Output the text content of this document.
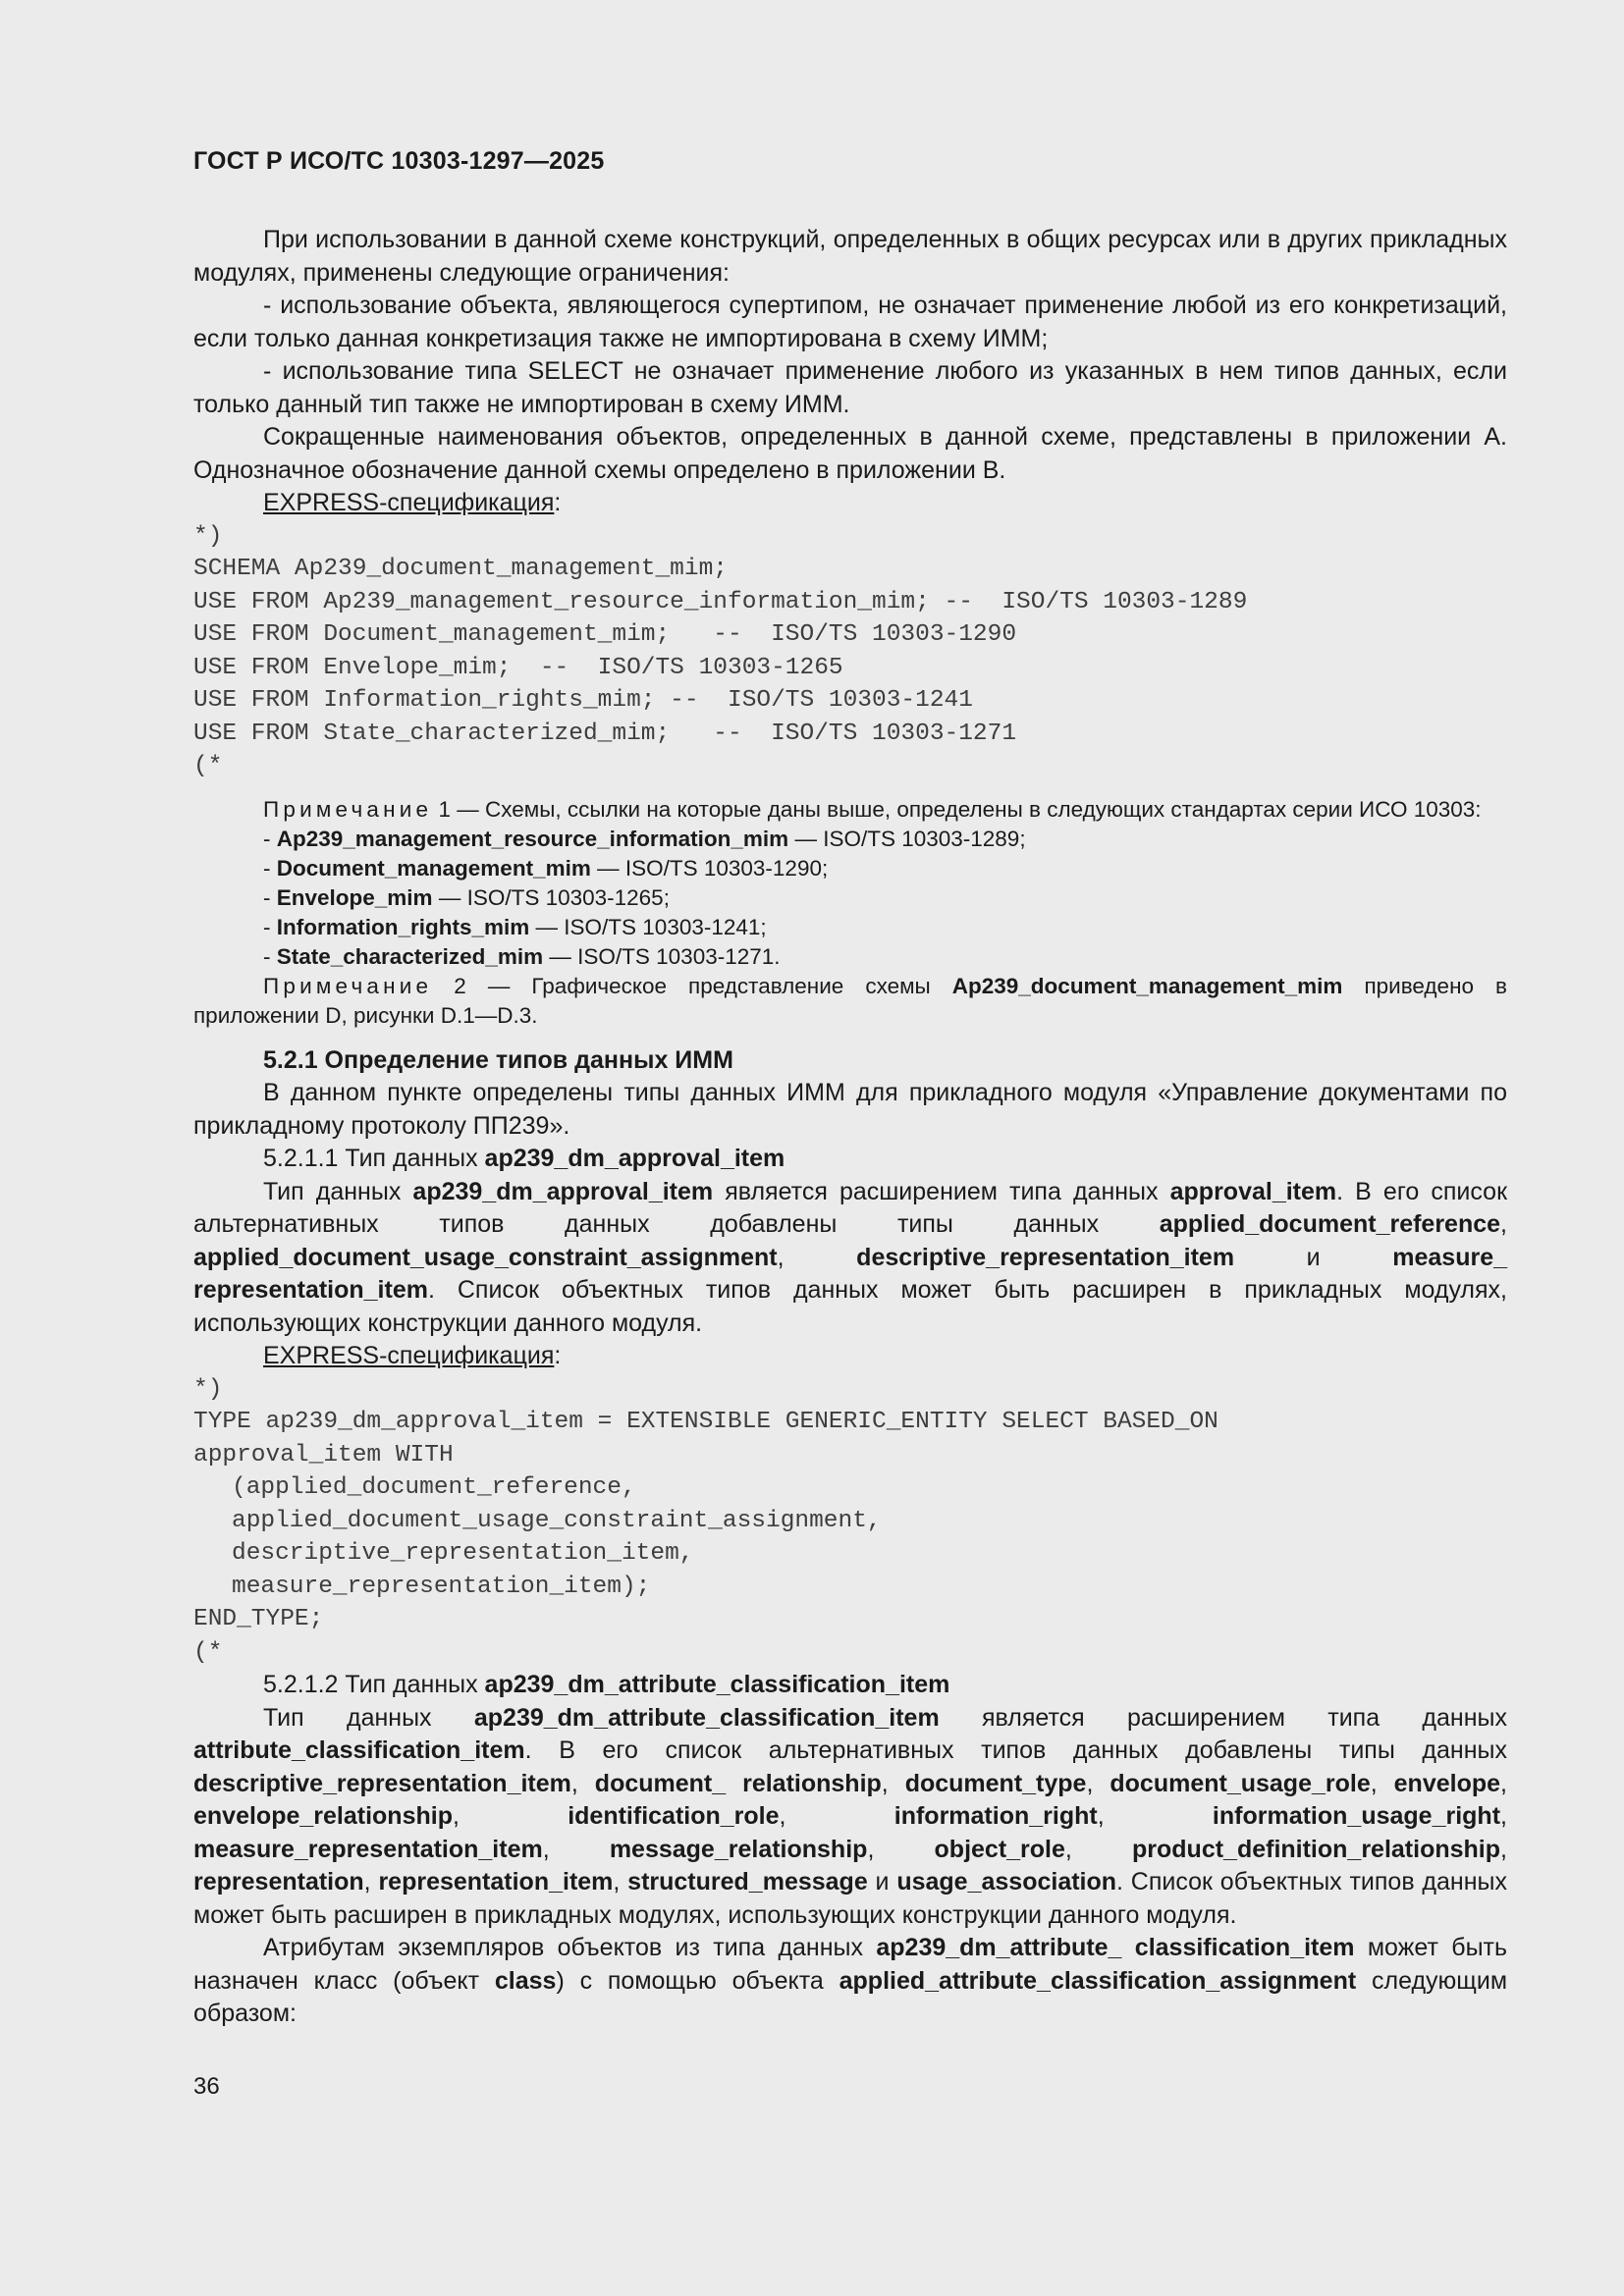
ГОСТ Р ИСО/ТС 10303-1297—2025

При использовании в данной схеме конструкций, определенных в общих ресурсах или в других прикладных модулях, применены следующие ограничения:

- использование объекта, являющегося супертипом, не означает применение любой из его конкретизаций, если только данная конкретизация также не импортирована в схему ИММ;

- использование типа SELECT не означает применение любого из указанных в нем типов данных, если только данный тип также не импортирован в схему ИММ.

Сокращенные наименования объектов, определенных в данной схеме, представлены в приложении А. Однозначное обозначение данной схемы определено в приложении В.

EXPRESS-спецификация:

*)
SCHEMA Ap239_document_management_mim;
USE FROM Ap239_management_resource_information_mim; --  ISO/TS 10303-1289
USE FROM Document_management_mim;   --  ISO/TS 10303-1290
USE FROM Envelope_mim;  --  ISO/TS 10303-1265
USE FROM Information_rights_mim; --  ISO/TS 10303-1241
USE FROM State_characterized_mim;   --  ISO/TS 10303-1271
(*

Примечание 1 — Схемы, ссылки на которые даны выше, определены в следующих стандартах серии ИСО 10303:

- Ap239_management_resource_information_mim — ISO/TS 10303-1289;
- Document_management_mim — ISO/TS 10303-1290;
- Envelope_mim — ISO/TS 10303-1265;
- Information_rights_mim — ISO/TS 10303-1241;
- State_characterized_mim — ISO/TS 10303-1271.

Примечание 2 — Графическое представление схемы Ap239_document_management_mim приведено в приложении D, рисунки D.1—D.3.

5.2.1 Определение типов данных ИММ

В данном пункте определены типы данных ИММ для прикладного модуля «Управление документами по прикладному протоколу ПП239».

5.2.1.1 Тип данных ap239_dm_approval_item

Тип данных ap239_dm_approval_item является расширением типа данных approval_item. В его список альтернативных типов данных добавлены типы данных applied_document_reference, applied_document_usage_constraint_assignment, descriptive_representation_item и measure_ representation_item. Список объектных типов данных может быть расширен в прикладных модулях, использующих конструкции данного модуля.

EXPRESS-спецификация:

*)
TYPE ap239_dm_approval_item = EXTENSIBLE GENERIC_ENTITY SELECT BASED_ON
approval_item WITH
(applied_document_reference,
applied_document_usage_constraint_assignment,
descriptive_representation_item,
measure_representation_item);
END_TYPE;
(*

5.2.1.2 Тип данных ap239_dm_attribute_classification_item

Тип данных ap239_dm_attribute_classification_item является расширением типа данных attribute_classification_item. В его список альтернативных типов данных добавлены типы данных descriptive_representation_item, document_ relationship, document_type, document_usage_role, envelope, envelope_relationship, identification_role, information_right, information_usage_right, measure_representation_item, message_relationship, object_role, product_definition_relationship, representation, representation_item, structured_message и usage_association. Список объектных типов данных может быть расширен в прикладных модулях, использующих конструкции данного модуля.

Атрибутам экземпляров объектов из типа данных ap239_dm_attribute_ classification_item может быть назначен класс (объект class) с помощью объекта applied_attribute_classification_assignment следующим образом:

36
